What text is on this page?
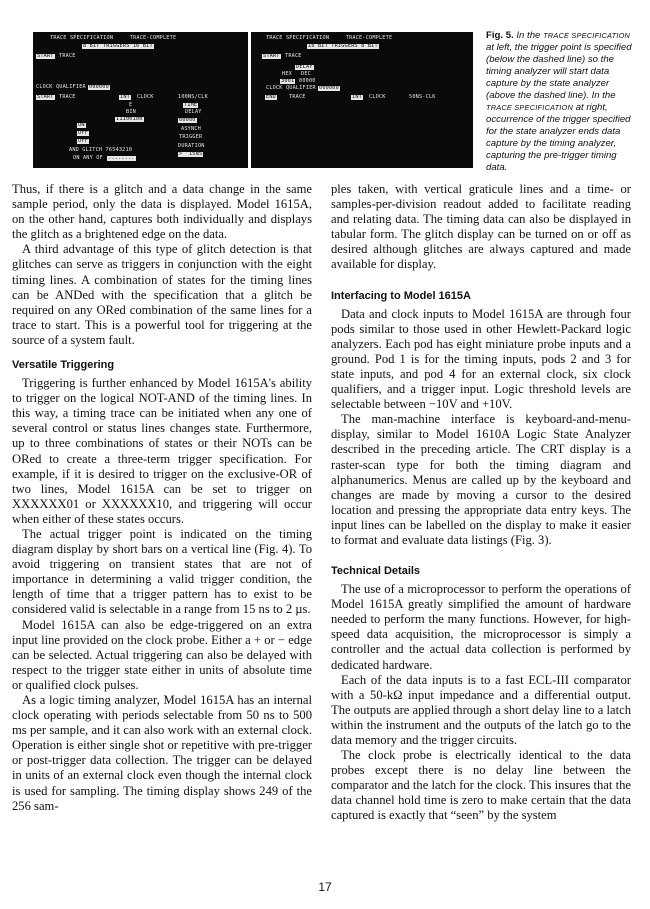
TRACE SPECIFICATION     TRACE-COMPLETE
8 BIT TRIGGERS 16 BIT
START TRACE
CLOCK QUALIFIER 000000
START TRACE	INT CLOCK	100NS/CLK
E	TIME
BIN
11100100
DELAY
ON
00000
OFF
ASYNCH
OFF
TRIGGER
AND GLITCH 76543210
DURATION
ON ANY OF ........
>  15NS
TRACE SPECIFICATION     TRACE-COMPLETE
16 BIT TRIGGERS 8 BIT
START TRACE
DELAY
HEX DEC
3001 00000
CLOCK QUALIFIER 000000
END	TRACE	INT CLOCK	50NS-CLK
Fig. 5. In the TRACE SPECIFICATION at left, the trigger point is specified (below the dashed line) so the timing analyzer will start data capture by the state analyzer (above the dashed line). In the TRACE SPECIFICATION at right, occurrence of the trigger specified for the state analyzer ends data capture by the timing analyzer, capturing the pre-trigger timing data.

Thus, if there is a glitch and a data change in the same sample period, only the data is displayed. Model 1615A, on the other hand, captures both individually and displays the glitch as a brightened edge on the data.

A third advantage of this type of glitch detection is that glitches can serve as triggers in conjunction with the eight timing lines. A combination of states for the timing lines can be ANDed with the specification that a glitch be required on any ORed combination of the same lines for a trace to start. This is a powerful tool for triggering at the source of a system fault.

Versatile Triggering

Triggering is further enhanced by Model 1615A's ability to trigger on the logical NOT-AND of the timing lines. In this way, a timing trace can be initiated when any one of several control or status lines changes state. Furthermore, up to three combinations of states or their NOTs can be ORed to create a three-term trigger specification. For example, if it is desired to trigger on the exclusive-OR of two lines, Model 1615A can be set to trigger on XXXXXX01 or XXXXXX10, and triggering will occur when either of these states occurs.

The actual trigger point is indicated on the timing diagram display by short bars on a vertical line (Fig. 4). To avoid triggering on transient states that are not of importance in determining a valid trigger condition, the length of time that a trigger pattern has to exist to be considered valid is selectable in a range from 15 ns to 2 µs.

Model 1615A can also be edge-triggered on an extra input line provided on the clock probe. Either a + or − edge can be selected. Actual triggering can also be delayed with respect to the trigger state either in units of absolute time or qualified clock pulses.

As a logic timing analyzer, Model 1615A has an internal clock operating with periods selectable from 50 ns to 500 ms per sample, and it can also work with an external clock. Operation is either single shot or repetitive with pre-trigger or post-trigger data collection. The trigger can be delayed in units of an external clock even though the internal clock is used for sampling. The timing display shows 249 of the 256 sam-

ples taken, with vertical graticule lines and a time- or samples-per-division readout added to facilitate reading and relating data. The timing data can also be displayed in tabular form. The glitch display can be turned on or off as desired although glitches are always captured and made available for display.

Interfacing to Model 1615A

Data and clock inputs to Model 1615A are through four pods similar to those used in other Hewlett-Packard logic analyzers. Each pod has eight miniature probe inputs and a ground. Pod 1 is for the timing inputs, pods 2 and 3 for state inputs, and pod 4 for an external clock, six clock qualifiers, and a trigger input. Logic threshold levels are selectable between −10V and +10V.

The man-machine interface is keyboard-and-menu-display, similar to Model 1610A Logic State Analyzer described in the preceding article. The CRT display is a raster-scan type for both the timing diagram and alphanumerics. Menus are called up by the keyboard and changes are made by moving a cursor to the desired location and pressing the appropriate data entry keys. The input lines can be labelled on the display to make it easier to format and evaluate data listings (Fig. 3).

Technical Details

The use of a microprocessor to perform the operations of Model 1615A greatly simplified the amount of hardware needed to perform the many functions. However, for high-speed data acquisition, the microprocessor is simply a controller and the actual data collection is performed by dedicated hardware.

Each of the data inputs is to a fast ECL-III comparator with a 50-kΩ input impedance and a differential output. The outputs are applied through a short delay line to a latch within the instrument and the outputs of the latch go to the data memory and the trigger circuits.

The clock probe is electrically identical to the data probes except there is no delay line between the comparator and the latch for the clock. This insures that the data channel hold time is zero to make certain that the data captured is exactly that “seen” by the system

17
